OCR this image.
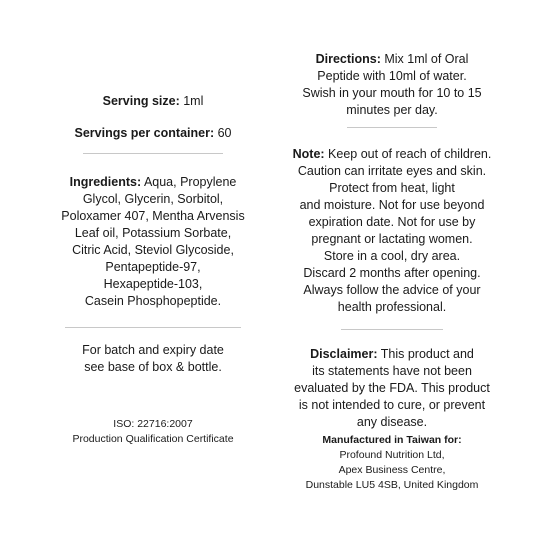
Serving size: 1ml
Servings per container: 60
Ingredients: Aqua, Propylene
Glycol, Glycerin, Sorbitol,
Poloxamer 407, Mentha Arvensis
Leaf oil, Potassium Sorbate,
Citric Acid, Steviol Glycoside,
Pentapeptide-97,
Hexapeptide-103,
Casein Phosphopeptide.
For batch and expiry date
see base of box & bottle.
ISO: 22716:2007
Production Qualification Certificate
Directions: Mix 1ml of Oral
Peptide with 10ml of water.
Swish in your mouth for 10 to 15
minutes per day.
Note: Keep out of reach of children.
Caution can irritate eyes and skin.
Protect from heat, light
and moisture. Not for use beyond
expiration date. Not for use by
pregnant or lactating women.
Store in a cool, dry area.
Discard 2 months after opening.
Always follow the advice of your
health professional.
Disclaimer: This product and
its statements have not been
evaluated by the FDA. This product
is not intended to cure, or prevent
any disease.
Manufactured in Taiwan for:
Profound Nutrition Ltd,
Apex Business Centre,
Dunstable LU5 4SB, United Kingdom
